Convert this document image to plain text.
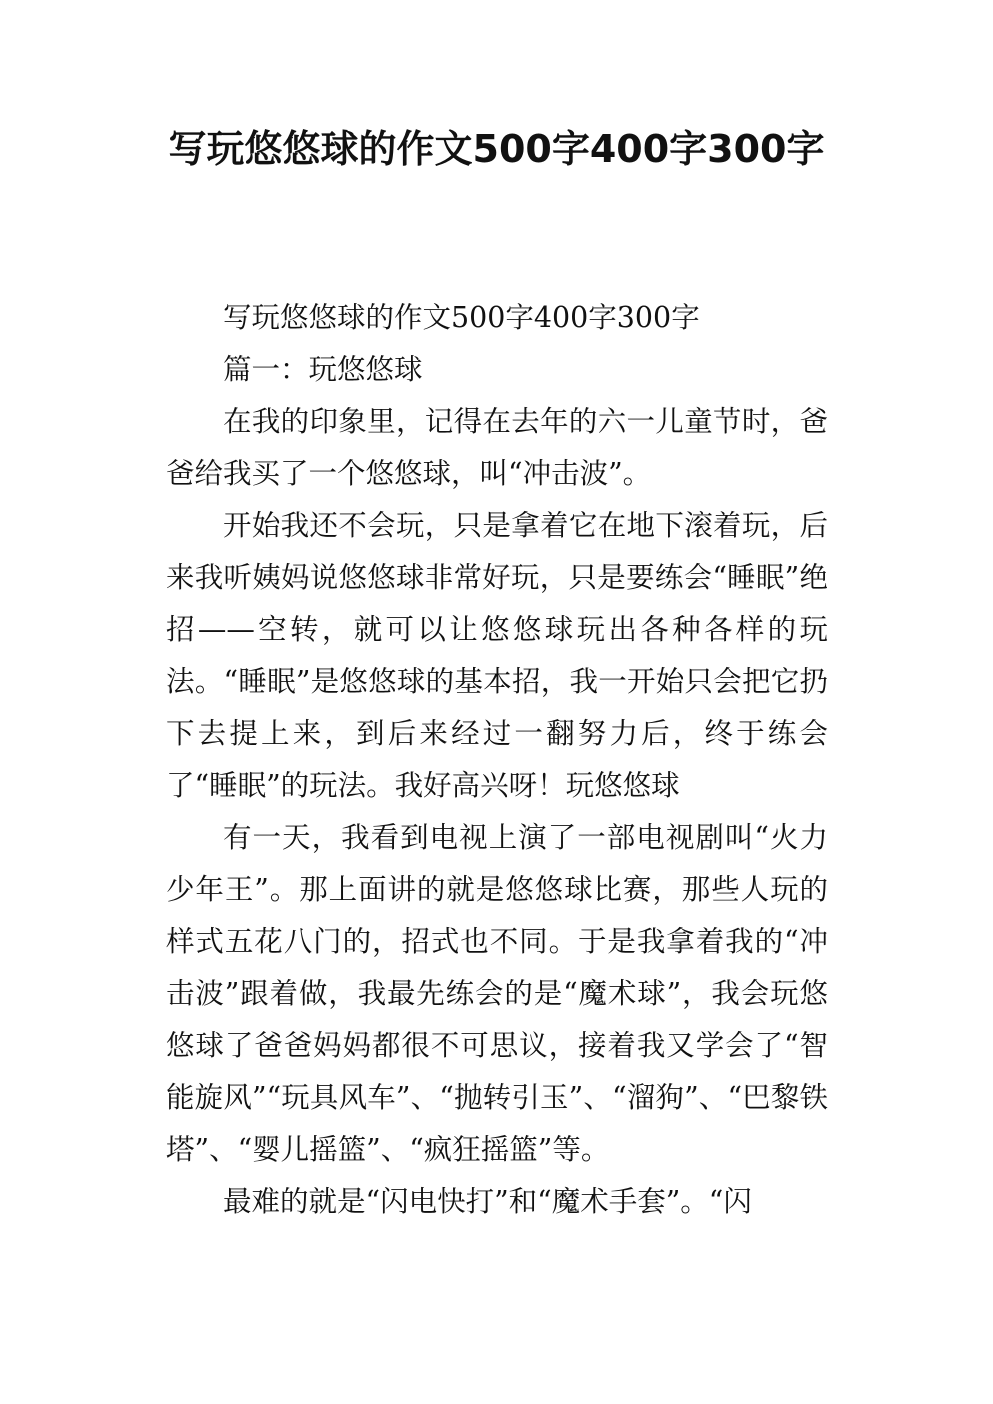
写玩悠悠球的作文500字400字300字

写玩悠悠球的作文500字400字300字

篇一：玩悠悠球

在我的印象里，记得在去年的六一儿童节时，爸爸给我买了一个悠悠球，叫“冲击波”。

开始我还不会玩，只是拿着它在地下滚着玩，后来我听姨妈说悠悠球非常好玩，只是要练会“睡眠”绝招——空转，就可以让悠悠球玩出各种各样的玩法。“睡眠”是悠悠球的基本招，我一开始只会把它扔下去提上来，到后来经过一翻努力后，终于练会了“睡眠”的玩法。我好高兴呀！玩悠悠球

有一天，我看到电视上演了一部电视剧叫“火力少年王”。那上面讲的就是悠悠球比赛，那些人玩的样式五花八门的，招式也不同。于是我拿着我的“冲击波”跟着做，我最先练会的是“魔术球”，我会玩悠悠球了爸爸妈妈都很不可思议，接着我又学会了“智能旋风”“玩具风车”、“抛转引玉”、“溜狗”、“巴黎铁塔”、“婴儿摇篮”、“疯狂摇篮”等。

最难的就是“闪电快打”和“魔术手套”。“闪
